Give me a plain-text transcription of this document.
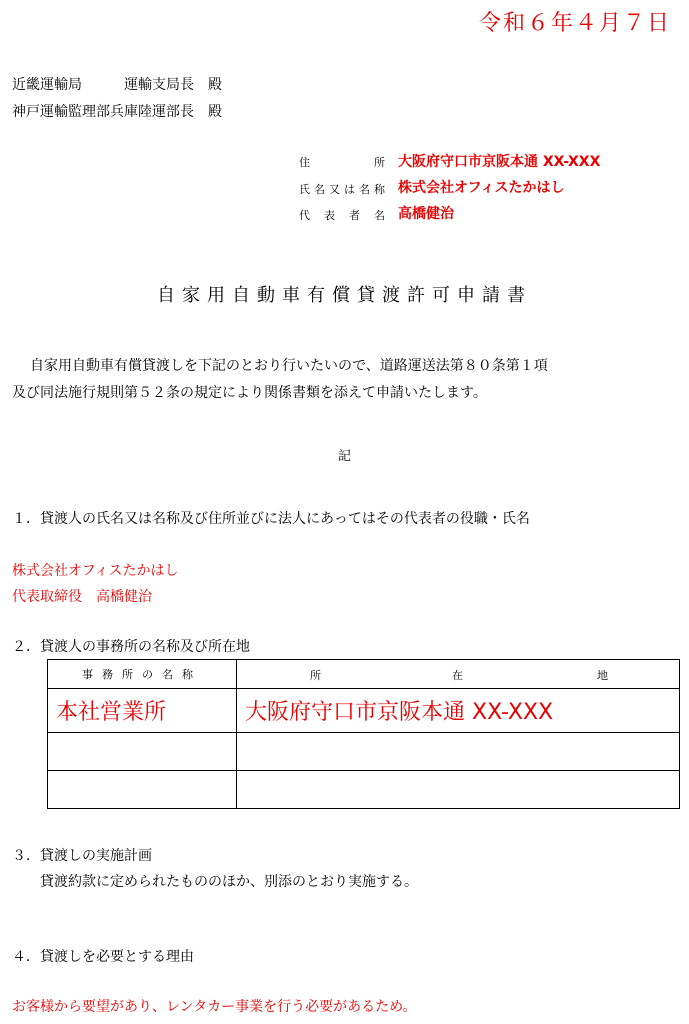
令和６年４月７日
近畿運輸局　　　運輸支局長　殿
神戸運輸監理部兵庫陸運部長　殿
住所 大阪府守口市京阪本通 XX-XXX
氏名又は名称 株式会社オフィスたかはし
代表者名 高橋健治
自家用自動車有償貸渡許可申請書
自家用自動車有償貸渡しを下記のとおり行いたいので、道路運送法第８０条第１項
及び同法施行規則第５２条の規定により関係書類を添えて申請いたします。
記
１．貸渡人の氏名又は名称及び住所並びに法人にあってはその代表者の役職・氏名
株式会社オフィスたかはし
代表取締役　高橋健治
２．貸渡人の事務所の名称及び所在地
事務所の名称	所 在 地

本社営業所	大阪府守口市京阪本通 XX-XXX

３．貸渡しの実施計画
貸渡約款に定められたもののほか、別添のとおり実施する。
４．貸渡しを必要とする理由
お客様から要望があり、レンタカー事業を行う必要があるため。
